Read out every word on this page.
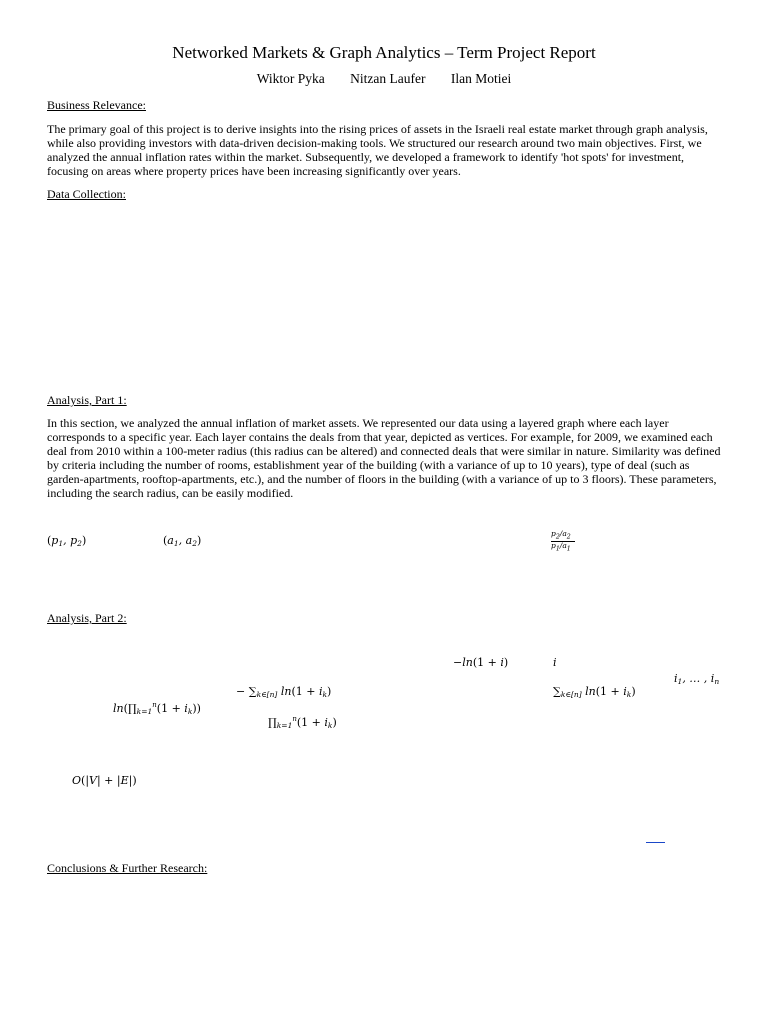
Networked Markets & Graph Analytics – Term Project Report
Wiktor Pyka Nitzan Laufer Ilan Motiei
Business Relevance:
The primary goal of this project is to derive insights into the rising prices of assets in the Israeli real estate market through graph analysis, while also providing investors with data-driven decision-making tools. We structured our research around two main objectives. First, we analyzed the annual inflation rates within the market. Subsequently, we developed a framework to identify 'hot spots' for investment, focusing on areas where property prices have been increasing significantly over years.
Data Collection:
Analysis, Part 1:
In this section, we analyzed the annual inflation of market assets. We represented our data using a layered graph where each layer corresponds to a specific year. Each layer contains the deals from that year, depicted as vertices. For example, for 2009, we examined each deal from 2010 within a 100-meter radius (this radius can be altered) and connected deals that were similar in nature. Similarity was defined by criteria including the number of rooms, establishment year of the building (with a variance of up to 10 years), type of deal (such as garden-apartments, rooftop-apartments, etc.), and the number of floors in the building (with a variance of up to 3 floors). These parameters, including the search radius, can be easily modified.
($p_1$, $p_2$)	($a_1$, $a_2$)
$p_2/a_2$

$p_1/a_1$
Analysis, Part 2:
−ln(1 + i)	i
$i_1$, … , $i_n$
− $\sum_{k\in[n]}$ $\ln(1 + i_k)$	$\sum_{k\in[n]}$ $\ln(1 + i_k)$
$\ln(\prod_{k=1}^n(1 + i_k))$
$\prod_{k=1}^n(1 + i_k)$
O(|V| + |E|)
Conclusions & Further Research:
